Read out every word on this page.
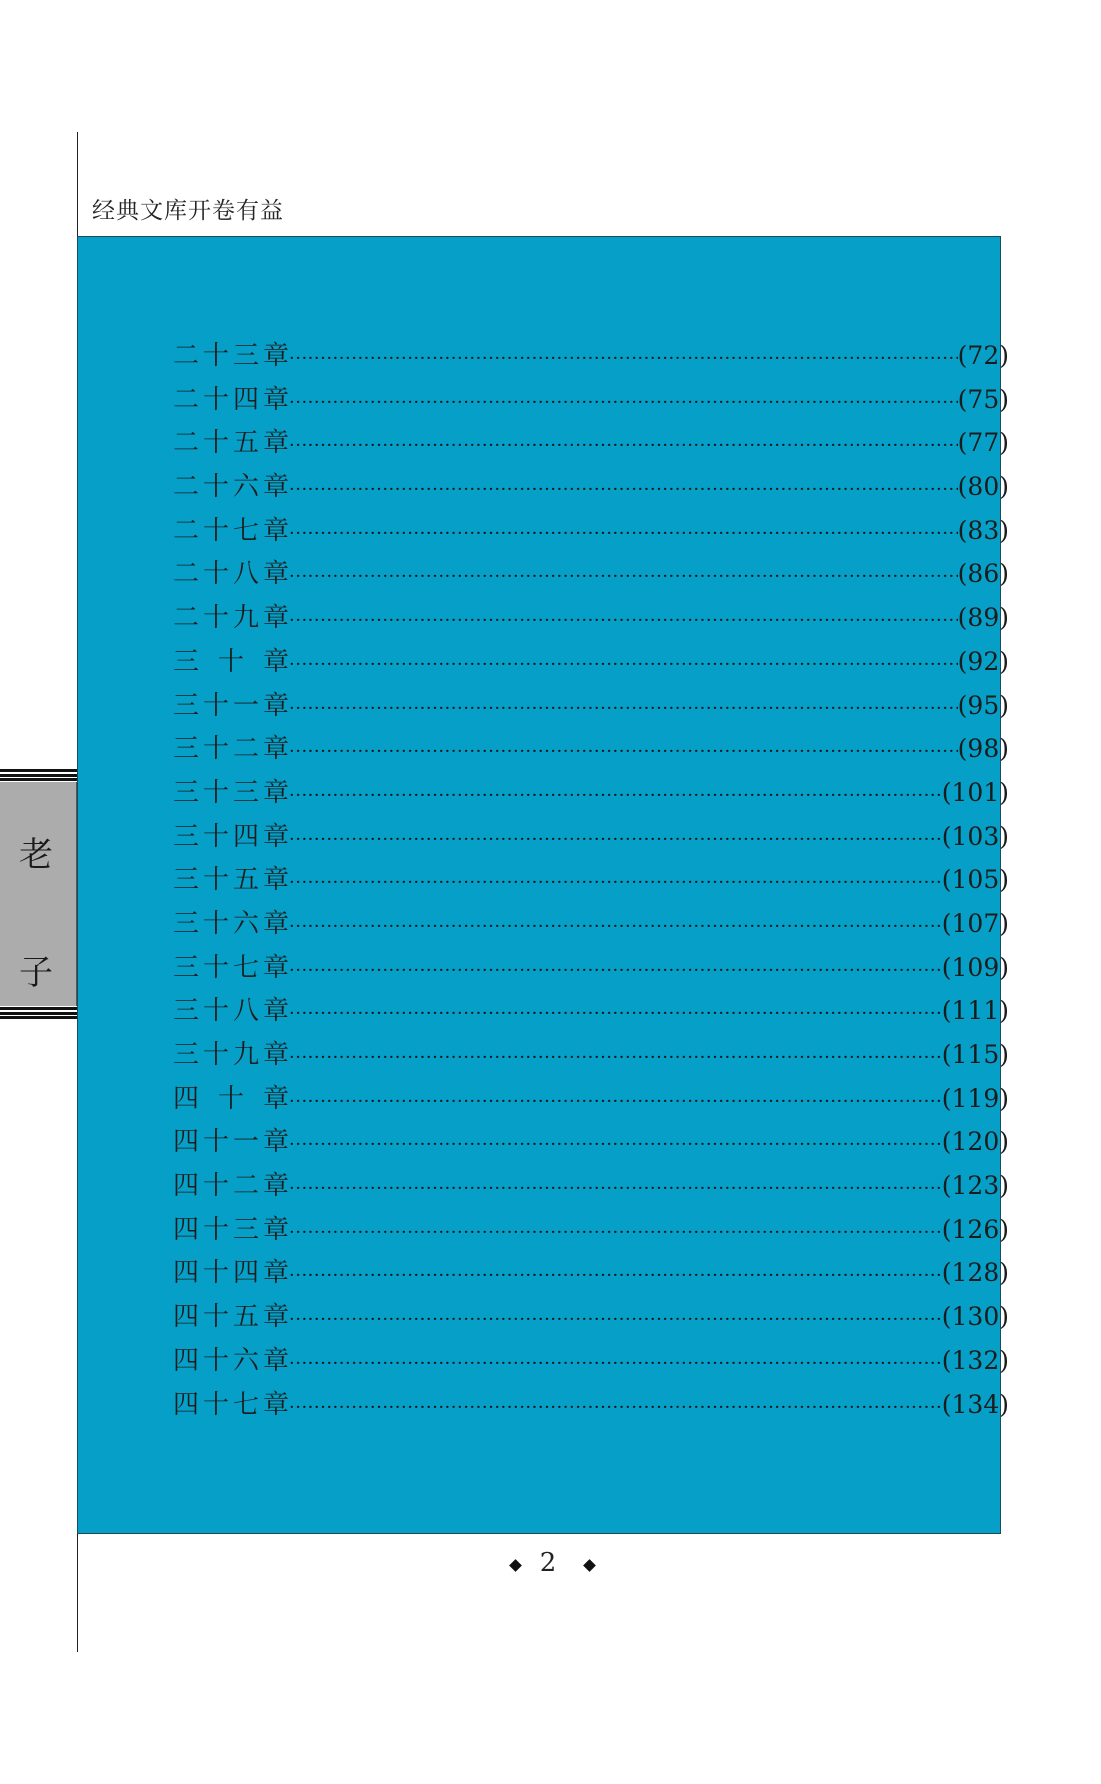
经典文库开卷有益
二 十 三 章 ·····	(72)
二 十 四 章 ·····	(75)
二 十 五 章 ·····	(77)
二 十 六 章 ·····	(80)
二 十 七 章 ·····	(83)
二 十 八 章 ·····	(86)
二 十 九 章 ·····	(89)
三 十 章 ·····	(92)
三 十 一 章 ·····	(95)
三 十 二 章 ·····	(98)
三 十 三 章 ·····	(101)
三 十 四 章 ·····	(103)
三 十 五 章 ·····	(105)
三 十 六 章 ·····	(107)
三 十 七 章 ·····	(109)
三 十 八 章 ·····	(111)
三 十 九 章 ·····	(115)
四 十 章 ·····	(119)
四 十 一 章 ·····	(120)
四 十 二 章 ·····	(123)
四 十 三 章 ·····	(126)
四 十 四 章 ·····	(128)
四 十 五 章 ·····	(130)
四 十 六 章 ·····	(132)
四 十 七 章 ·····	(134)
老
子
2
